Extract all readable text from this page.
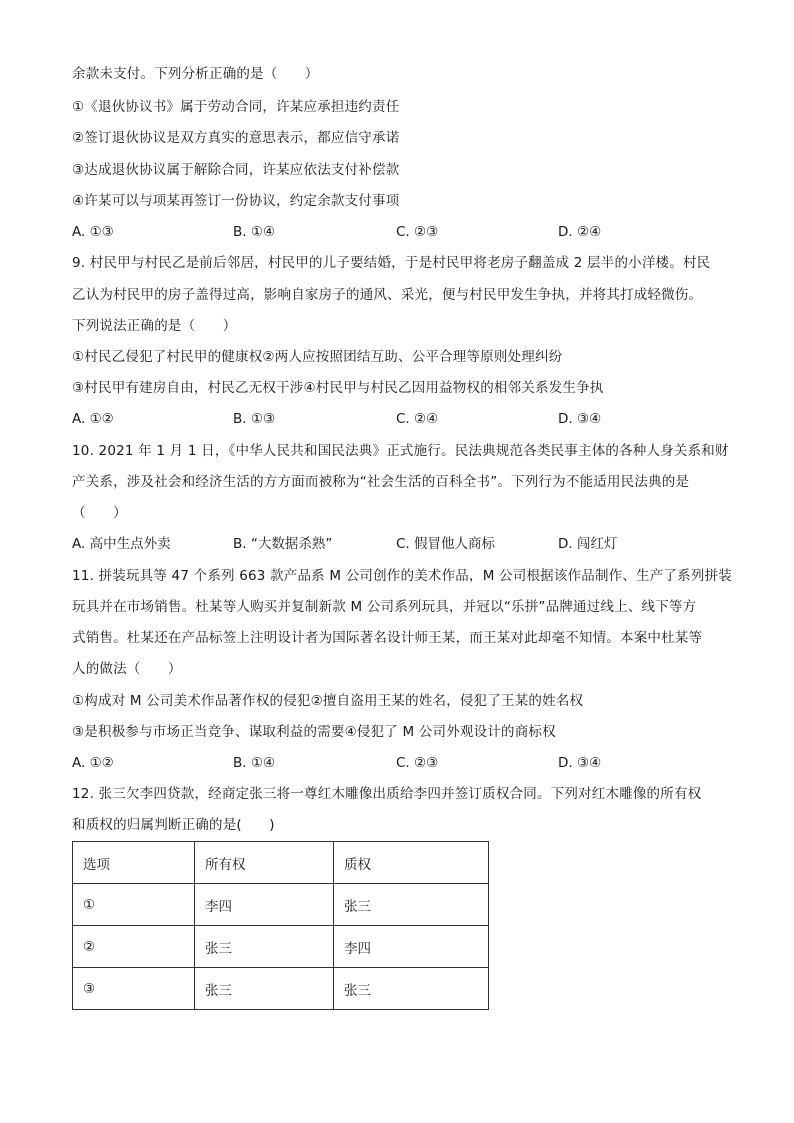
余款未支付。下列分析正确的是（　　）
①《退伙协议书》属于劳动合同，许某应承担违约责任
②签订退伙协议是双方真实的意思表示，都应信守承诺
③达成退伙协议属于解除合同，许某应依法支付补偿款
④许某可以与项某再签订一份协议，约定余款支付事项
A. ①③	B. ①④	C. ②③	D. ②④
9. 村民甲与村民乙是前后邻居，村民甲的儿子要结婚，于是村民甲将老房子翻盖成 2 层半的小洋楼。村民
乙认为村民甲的房子盖得过高，影响自家房子的通风、采光，便与村民甲发生争执，并将其打成轻微伤。
下列说法正确的是（　　）
①村民乙侵犯了村民甲的健康权②两人应按照团结互助、公平合理等原则处理纠纷
③村民甲有建房自由，村民乙无权干涉④村民甲与村民乙因用益物权的相邻关系发生争执
A. ①②	B. ①③	C. ②④	D. ③④
10. 2021 年 1 月 1 日，《中华人民共和国民法典》正式施行。民法典规范各类民事主体的各种人身关系和财
产关系，涉及社会和经济生活的方方面而被称为“社会生活的百科全书”。下列行为不能适用民法典的是
（　　）
A. 高中生点外卖	B. “大数据杀熟”	C. 假冒他人商标	D. 闯红灯
11. 拼装玩具等 47 个系列 663 款产品系 M 公司创作的美术作品，M 公司根据该作品制作、生产了系列拼装
玩具并在市场销售。杜某等人购买并复制新款 M 公司系列玩具，并冠以“乐拼”品牌通过线上、线下等方
式销售。杜某还在产品标签上注明设计者为国际著名设计师王某，而王某对此却毫不知情。本案中杜某等
人的做法（　　）
①构成对 M 公司美术作品著作权的侵犯②擅自盗用王某的姓名，侵犯了王某的姓名权
③是积极参与市场正当竞争、谋取利益的需要④侵犯了 M 公司外观设计的商标权
A. ①②	B. ①④	C. ②③	D. ③④
12. 张三欠李四贷款，经商定张三将一尊红木雕像出质给李四并签订质权合同。下列对红木雕像的所有权
和质权的归属判断正确的是(　　)
选项	所有权	质权
①	李四	张三
②	张三	李四
③	张三	张三
